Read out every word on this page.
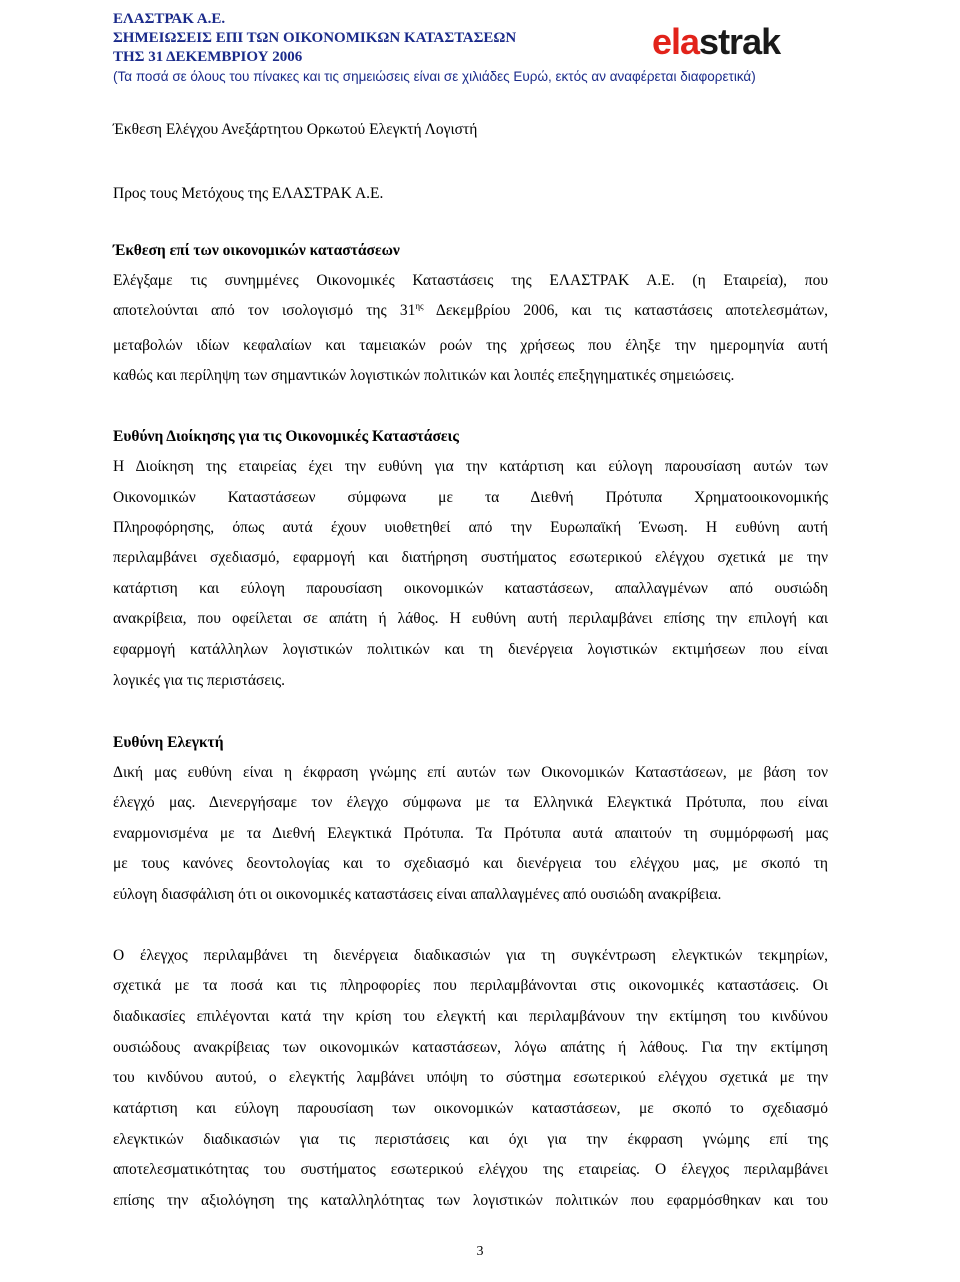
ΕΛΑΣΤΡΑΚ Α.Ε.
ΣΗΜΕΙΩΣΕΙΣ ΕΠΙ ΤΩΝ ΟΙΚΟΝΟΜΙΚΩΝ ΚΑΤΑΣΤΑΣΕΩΝ
ΤΗΣ 31 ΔΕΚΕΜΒΡΙΟΥ 2006
(Τα ποσά σε όλους του πίνακες και τις σημειώσεις είναι σε χιλιάδες Ευρώ, εκτός αν αναφέρεται διαφορετικά)
elastrak
Έκθεση Ελέγχου Ανεξάρτητου Ορκωτού Ελεγκτή Λογιστή
Προς τους Μετόχους της ΕΛΑΣΤΡΑΚ Α.Ε.
Έκθεση επί των οικονομικών καταστάσεων
Ελέγξαμε τις συνημμένες Οικονομικές Καταστάσεις της ΕΛΑΣΤΡΑΚ Α.Ε. (η Εταιρεία), που
αποτελούνται από τον ισολογισμό της $31^{\eta\varsigma}$ Δεκεμβρίου 2006, και τις καταστάσεις αποτελεσμάτων,
μεταβολών ιδίων κεφαλαίων και ταμειακών ροών της χρήσεως που έληξε την ημερομηνία αυτή
καθώς και περίληψη των σημαντικών λογιστικών πολιτικών και λοιπές επεξηγηματικές σημειώσεις.
Ευθύνη Διοίκησης για τις Οικονομικές Καταστάσεις
Η Διοίκηση της εταιρείας έχει την ευθύνη για την κατάρτιση και εύλογη παρουσίαση αυτών των
Οικονομικών Καταστάσεων σύμφωνα με τα Διεθνή Πρότυπα Χρηματοοικονομικής
Πληροφόρησης, όπως αυτά έχουν υιοθετηθεί από την Ευρωπαϊκή Ένωση. Η ευθύνη αυτή
περιλαμβάνει σχεδιασμό, εφαρμογή και διατήρηση συστήματος εσωτερικού ελέγχου σχετικά με την
κατάρτιση και εύλογη παρουσίαση οικονομικών καταστάσεων, απαλλαγμένων από ουσιώδη
ανακρίβεια, που οφείλεται σε απάτη ή λάθος. Η ευθύνη αυτή περιλαμβάνει επίσης την επιλογή και
εφαρμογή κατάλληλων λογιστικών πολιτικών και τη διενέργεια λογιστικών εκτιμήσεων που είναι
λογικές για τις περιστάσεις.
Ευθύνη Ελεγκτή
Δική μας ευθύνη είναι η έκφραση γνώμης επί αυτών των Οικονομικών Καταστάσεων, με βάση τον
έλεγχό μας. Διενεργήσαμε τον έλεγχο σύμφωνα με τα Ελληνικά Ελεγκτικά Πρότυπα, που είναι
εναρμονισμένα με τα Διεθνή Ελεγκτικά Πρότυπα. Τα Πρότυπα αυτά απαιτούν τη συμμόρφωσή μας
με τους κανόνες δεοντολογίας και το σχεδιασμό και διενέργεια του ελέγχου μας, με σκοπό τη
εύλογη διασφάλιση ότι οι οικονομικές καταστάσεις είναι απαλλαγμένες από ουσιώδη ανακρίβεια.
Ο έλεγχος περιλαμβάνει τη διενέργεια διαδικασιών για τη συγκέντρωση ελεγκτικών τεκμηρίων,
σχετικά με τα ποσά και τις πληροφορίες που περιλαμβάνονται στις οικονομικές καταστάσεις. Οι
διαδικασίες επιλέγονται κατά την κρίση του ελεγκτή και περιλαμβάνουν την εκτίμηση του κινδύνου
ουσιώδους ανακρίβειας των οικονομικών καταστάσεων, λόγω απάτης ή λάθους. Για την εκτίμηση
του κινδύνου αυτού, ο ελεγκτής λαμβάνει υπόψη το σύστημα εσωτερικού ελέγχου σχετικά με την
κατάρτιση και εύλογη παρουσίαση των οικονομικών καταστάσεων, με σκοπό το σχεδιασμό
ελεγκτικών διαδικασιών για τις περιστάσεις και όχι για την έκφραση γνώμης επί της
αποτελεσματικότητας του συστήματος εσωτερικού ελέγχου της εταιρείας. Ο έλεγχος περιλαμβάνει
επίσης την αξιολόγηση της καταλληλότητας των λογιστικών πολιτικών που εφαρμόσθηκαν και του
3
